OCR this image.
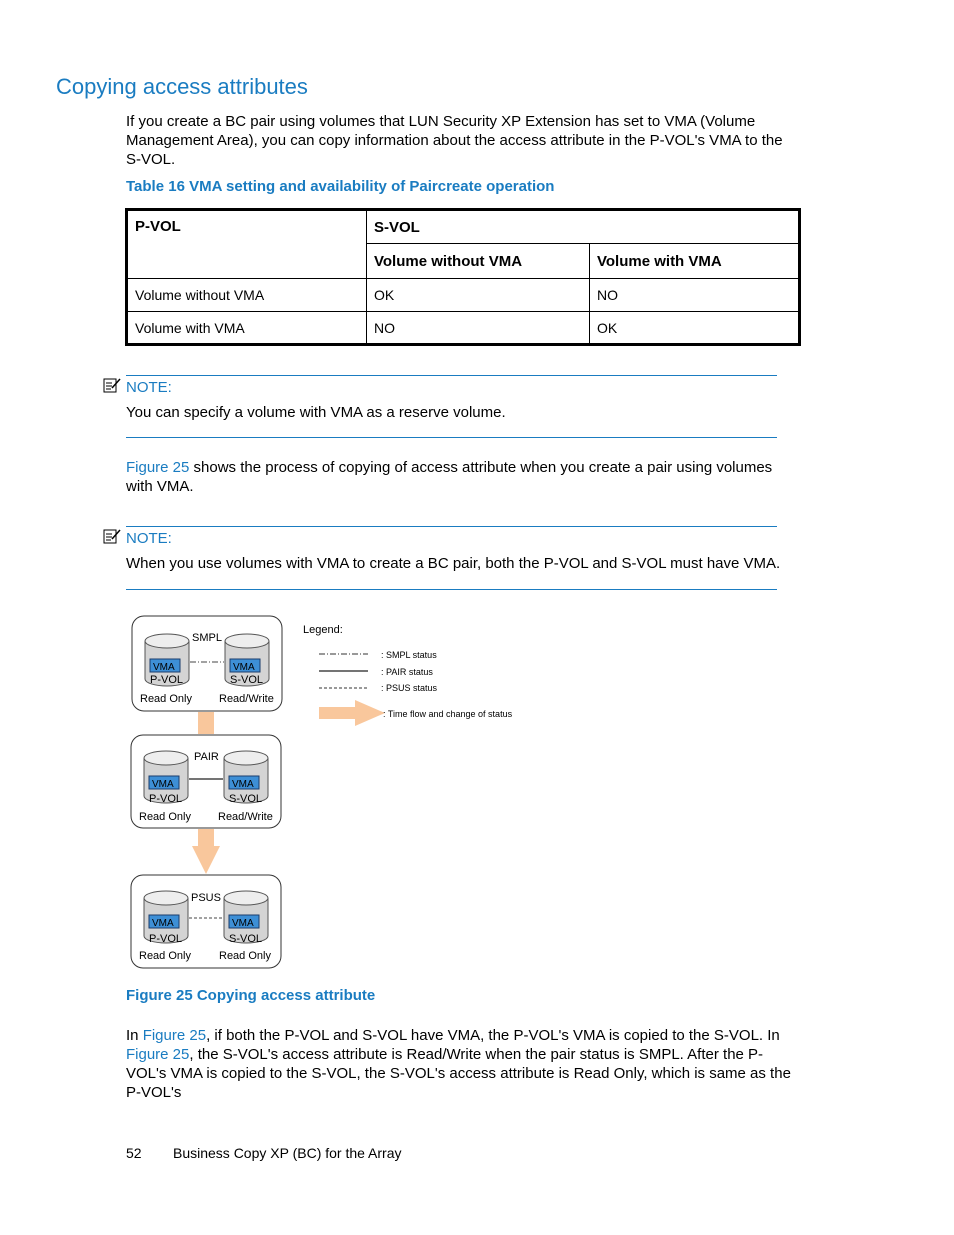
Copying access attributes

If you create a BC pair using volumes that LUN Security XP Extension has set to VMA (Volume Management Area), you can copy information about the access attribute in the P-VOL's VMA to the S-VOL.

Table 16 VMA setting and availability of Paircreate operation

P-VOL	S-VOL	
	Volume without VMA	Volume with VMA
Volume without VMA	OK	NO
Volume with VMA	NO	OK
NOTE:
You can specify a volume with VMA as a reserve volume.

Figure 25 shows the process of copying of access attribute when you create a pair using volumes with VMA.

NOTE:
When you use volumes with VMA to create a BC pair, both the P-VOL and S-VOL must have VMA.
SMPL
VMA	VMA
P-VOL	S-VOL
Read Only Read/Write
PAIR
VMA	VMA
P-VOL	S-VOL
Read Only Read/Write
PSUS
VMA	VMA
P-VOL	S-VOL
Read Only	Read Only
Legend:
: SMPL status
: PAIR status
: PSUS status
: Time flow and change of status

Figure 25 Copying access attribute

In Figure 25, if both the P-VOL and S-VOL have VMA, the P-VOL's VMA is copied to the S-VOL. In Figure 25, the S-VOL's access attribute is Read/Write when the pair status is SMPL. After the P-VOL's VMA is copied to the S-VOL, the S-VOL's access attribute is Read Only, which is same as the P-VOL's

52 Business Copy XP (BC) for the Array
